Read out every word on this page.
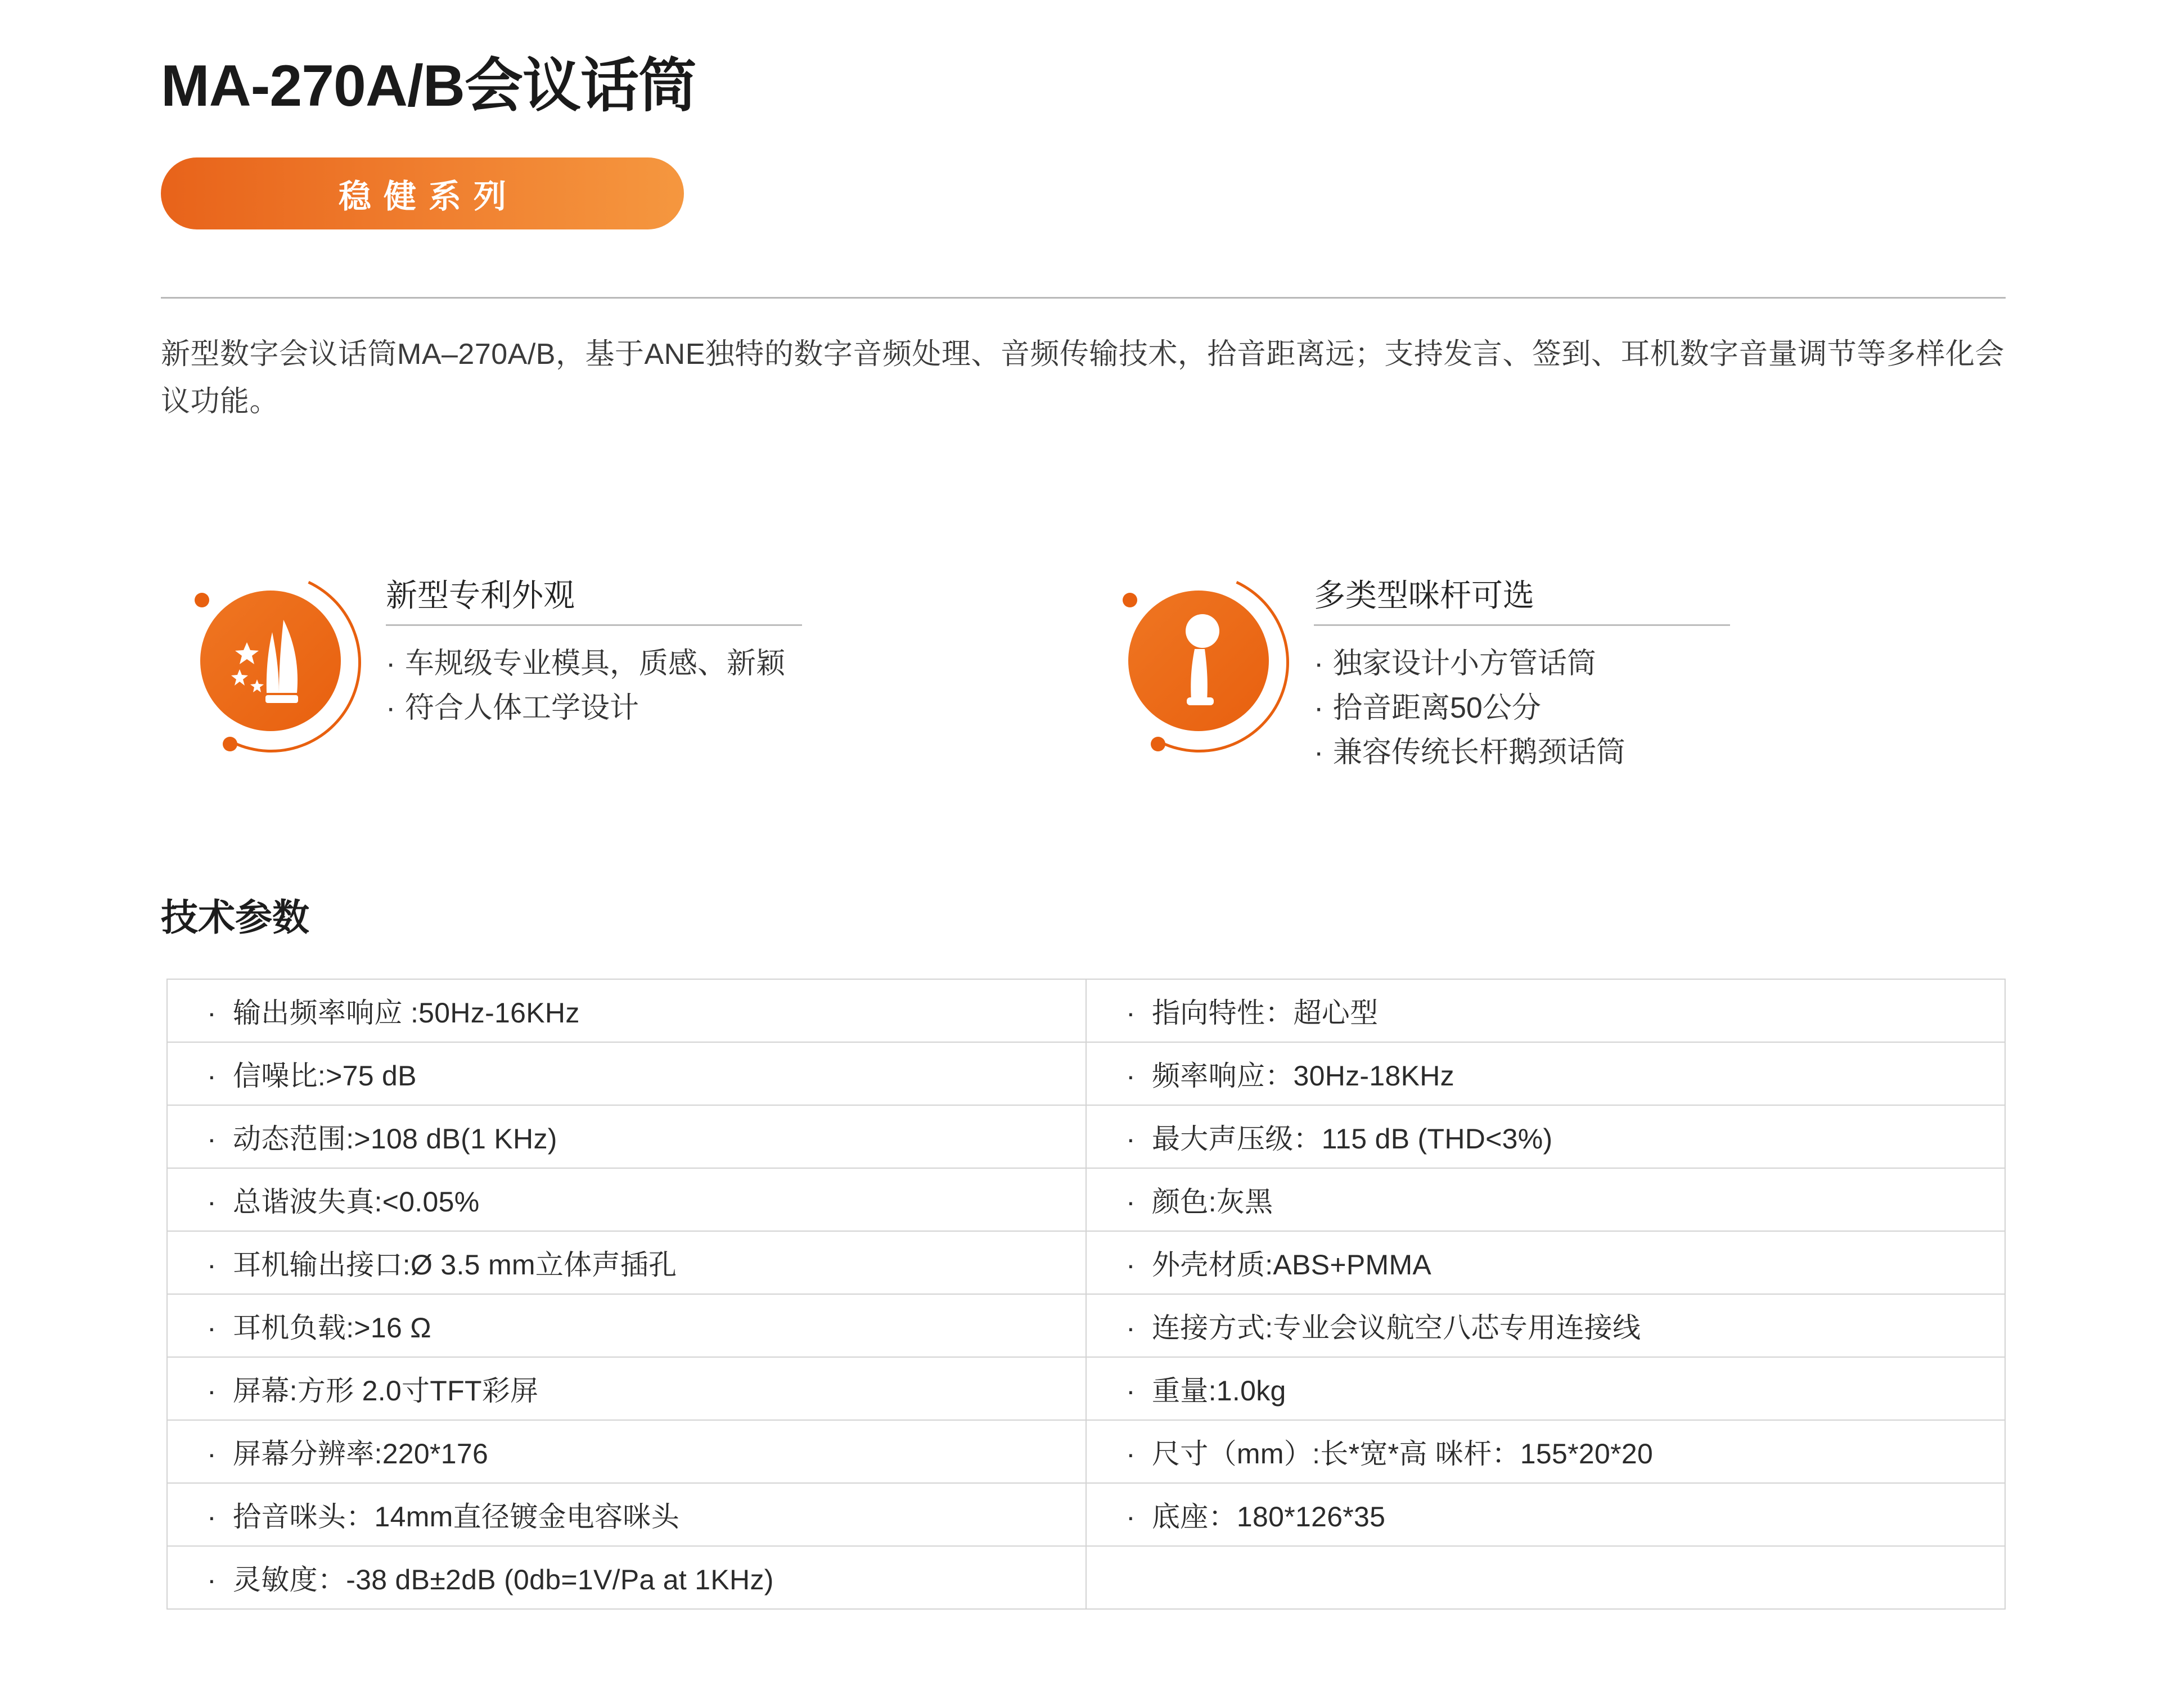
MA-270A/B会议话筒
稳健系列
新型数字会议话筒MA–270A/B，基于ANE独特的数字音频处理、音频传输技术，拾音距离远；支持发言、签到、耳机数字音量调节等多样化会议功能。
新型专利外观
· 车规级专业模具，质感、新颖
· 符合人体工学设计
多类型咪杆可选
· 独家设计小方管话筒
· 拾音距离50公分
· 兼容传统长杆鹅颈话筒
技术参数
· 输出频率响应 :50Hz-16KHz	· 指向特性：超心型
· 信噪比:>75 dB	· 频率响应：30Hz-18KHz
· 动态范围:>108 dB(1 KHz)	· 最大声压级：115 dB (THD<3%)
· 总谐波失真:<0.05%	· 颜色:灰黑
· 耳机输出接口:Ø 3.5 mm立体声插孔	· 外壳材质:ABS+PMMA
· 耳机负载:>16 Ω	· 连接方式:专业会议航空八芯专用连接线
· 屏幕:方形 2.0寸TFT彩屏	· 重量:1.0kg
· 屏幕分辨率:220*176	· 尺寸（mm）:长*宽*高 咪杆：155*20*20
· 拾音咪头：14mm直径镀金电容咪头	· 底座：180*126*35
· 灵敏度：-38 dB±2dB (0db=1V/Pa at 1KHz)	
